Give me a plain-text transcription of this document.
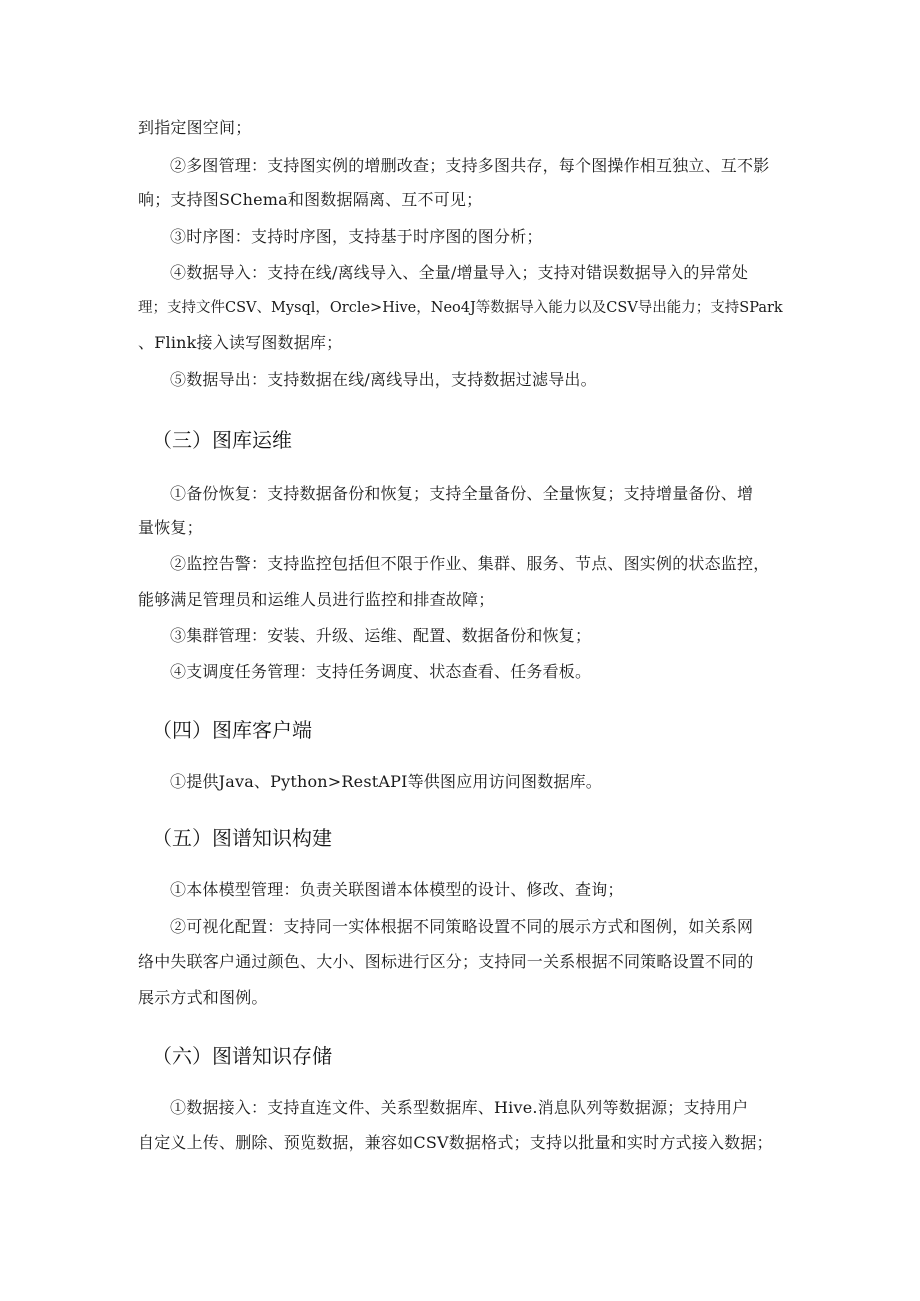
到指定图空间；
②多图管理：支持图实例的增删改查；支持多图共存，每个图操作相互独立、互不影
响；支持图SChema和图数据隔离、互不可见；
③时序图：支持时序图，支持基于时序图的图分析；
④数据导入：支持在线/离线导入、全量/增量导入；支持对错误数据导入的异常处
理；支持文件CSV、Mysql，Orcle>Hive，Neo4J等数据导入能力以及CSV导出能力；支持SPark
、Flink接入读写图数据库；
⑤数据导出：支持数据在线/离线导出，支持数据过滤导出。
（三）图库运维
①备份恢复：支持数据备份和恢复；支持全量备份、全量恢复；支持增量备份、增
量恢复；
②监控告警：支持监控包括但不限于作业、集群、服务、节点、图实例的状态监控，
能够满足管理员和运维人员进行监控和排查故障；
③集群管理：安装、升级、运维、配置、数据备份和恢复；
④支调度任务管理：支持任务调度、状态查看、任务看板。
（四）图库客户端
①提供Java、Python>RestAPI等供图应用访问图数据库。
（五）图谱知识构建
①本体模型管理：负责关联图谱本体模型的设计、修改、查询；
②可视化配置：支持同一实体根据不同策略设置不同的展示方式和图例，如关系网
络中失联客户通过颜色、大小、图标进行区分；支持同一关系根据不同策略设置不同的
展示方式和图例。
（六）图谱知识存储
①数据接入：支持直连文件、关系型数据库、Hive.消息队列等数据源；支持用户
自定义上传、删除、预览数据，兼容如CSV数据格式；支持以批量和实时方式接入数据；
